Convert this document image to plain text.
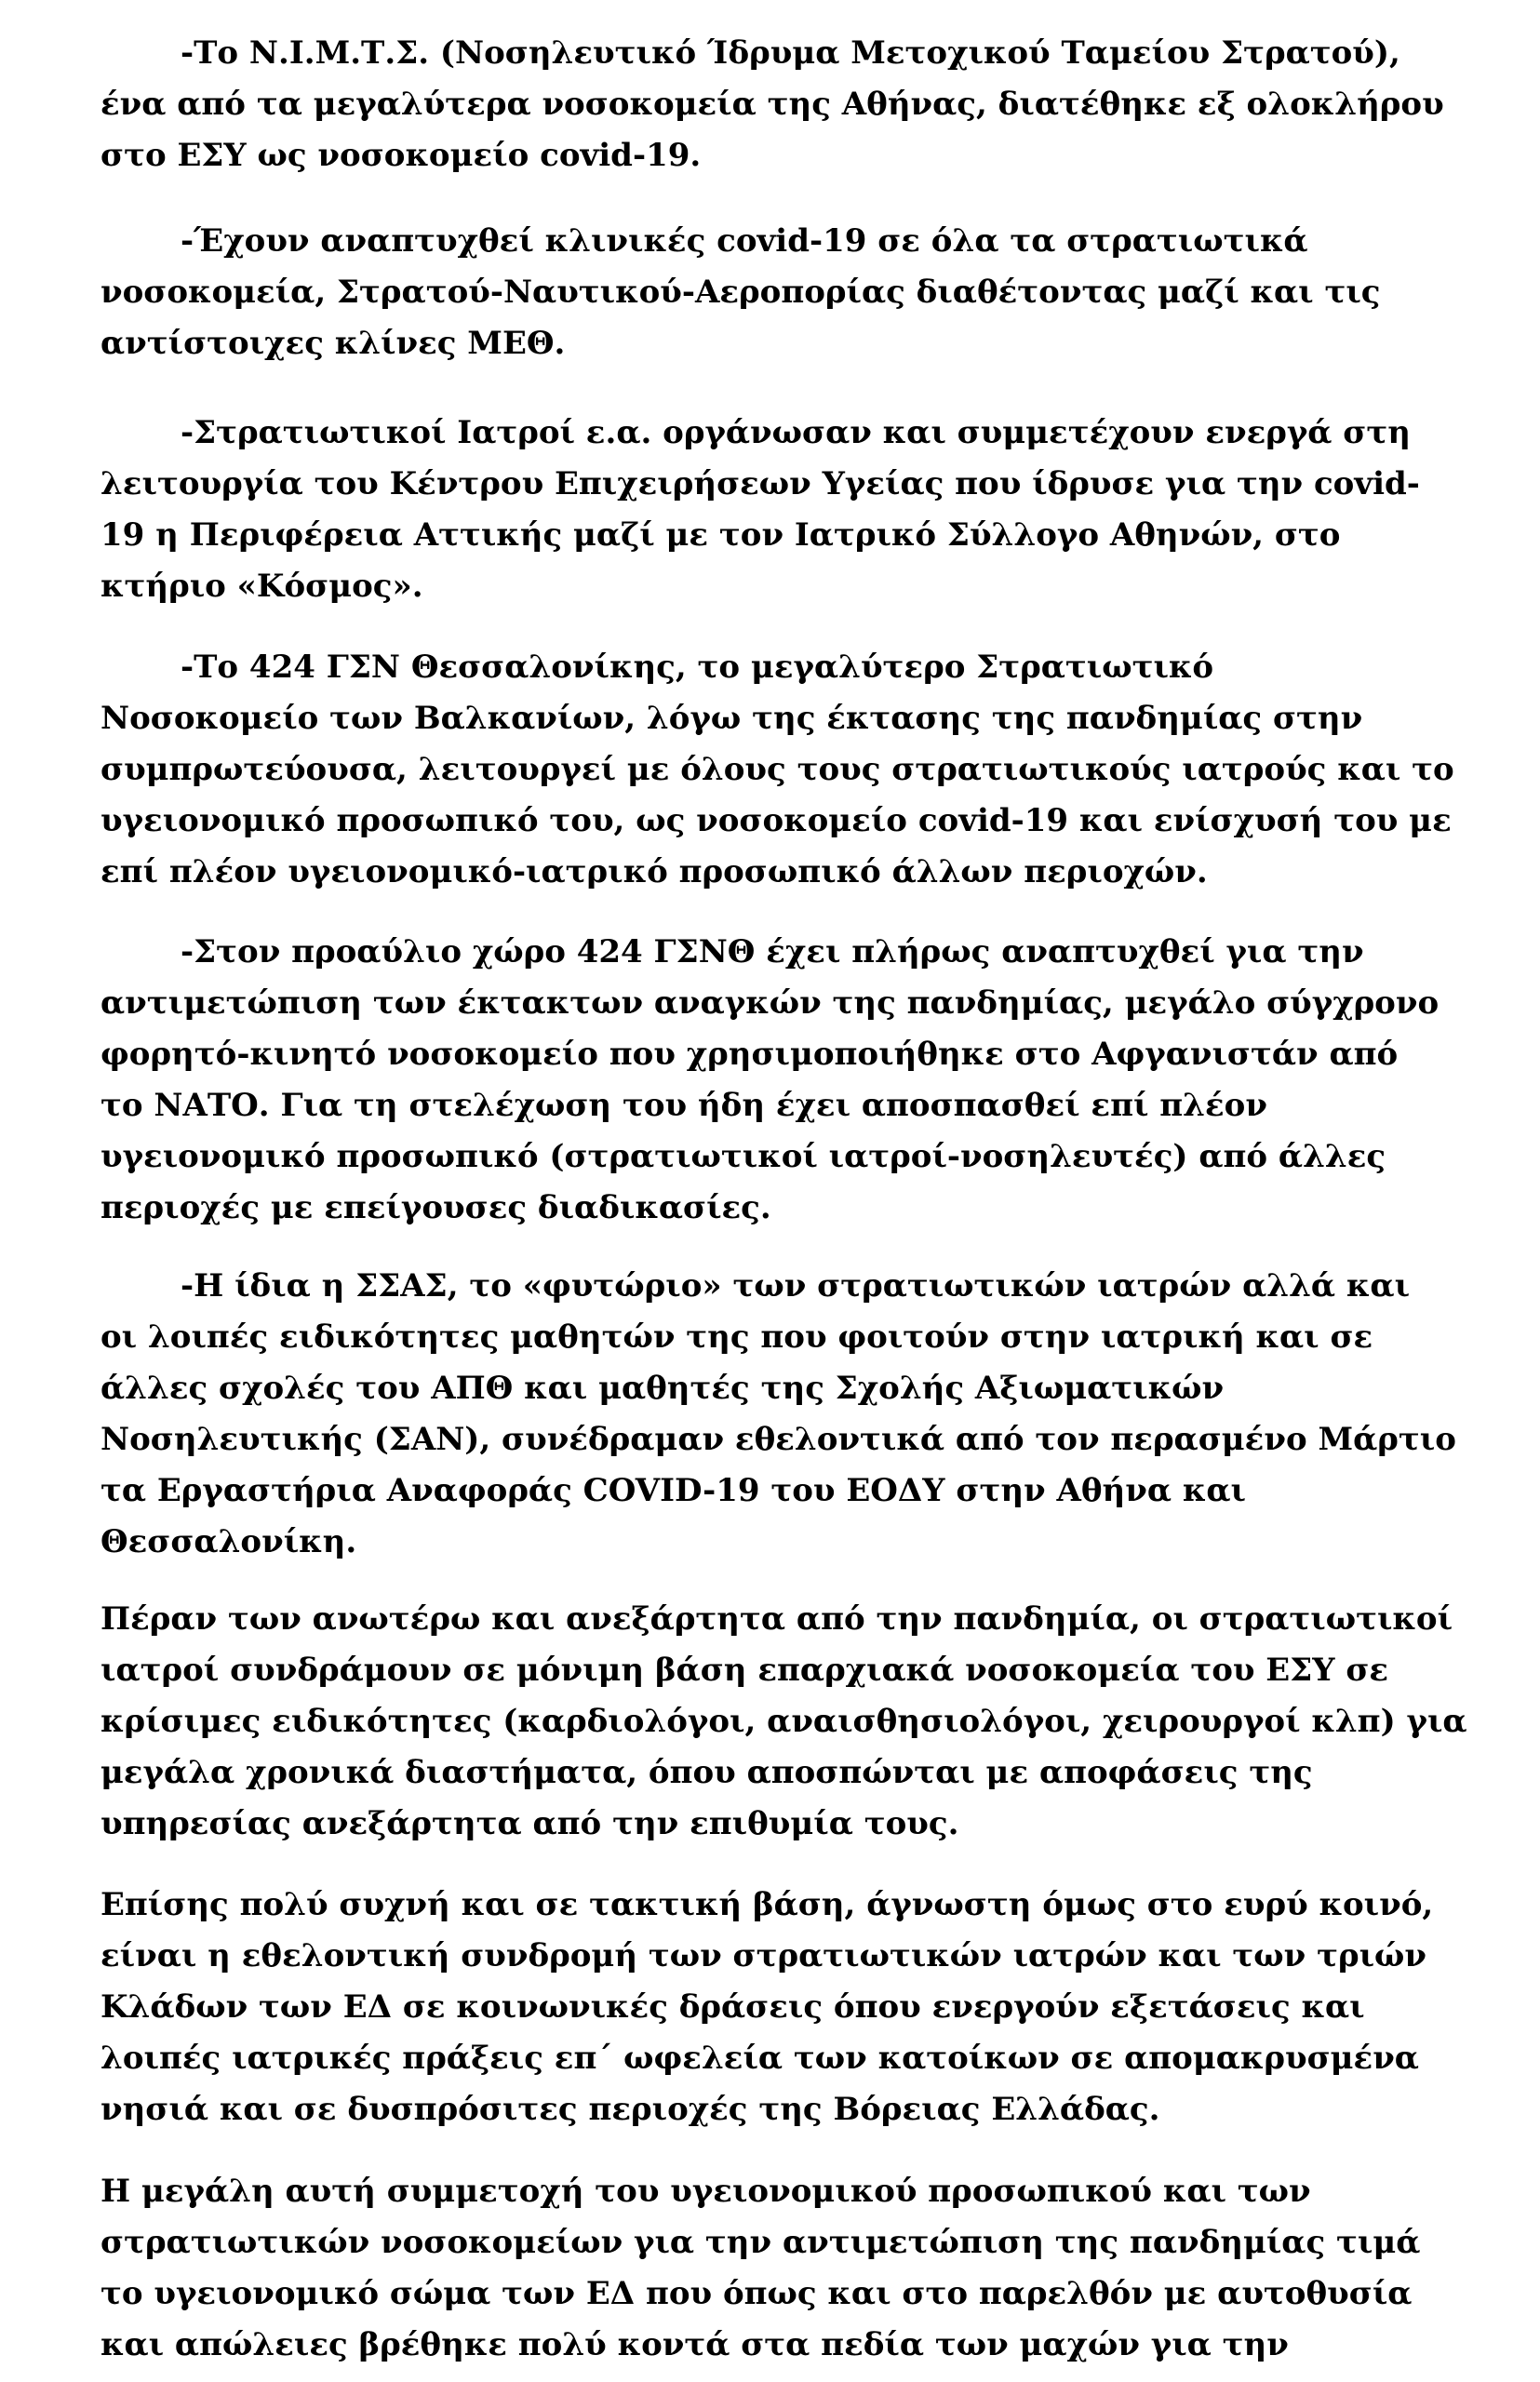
-Το Ν.Ι.Μ.Τ.Σ. (Νοσηλευτικό Ίδρυμα Μετοχικού Ταμείου Στρατού),
ένα από τα μεγαλύτερα νοσοκομεία της Αθήνας, διατέθηκε εξ ολοκλήρου
στο ΕΣΥ ως νοσοκομείο covid-19.
-Έχουν αναπτυχθεί κλινικές covid-19 σε όλα τα στρατιωτικά
νοσοκομεία, Στρατού-Ναυτικού-Αεροπορίας διαθέτοντας μαζί και τις
αντίστοιχες κλίνες ΜΕΘ.
-Στρατιωτικοί Ιατροί ε.α. οργάνωσαν και συμμετέχουν ενεργά στη
λειτουργία του Κέντρου Επιχειρήσεων Υγείας που ίδρυσε για την covid-
19 η Περιφέρεια Αττικής μαζί με τον Ιατρικό Σύλλογο Αθηνών, στο
κτήριο «Κόσμος».
-Το 424 ΓΣΝ Θεσσαλονίκης, το μεγαλύτερο Στρατιωτικό
Νοσοκομείο των Βαλκανίων, λόγω της έκτασης της πανδημίας στην
συμπρωτεύουσα, λειτουργεί με όλους τους στρατιωτικούς ιατρούς και το
υγειονομικό προσωπικό του, ως νοσοκομείο covid-19 και ενίσχυσή του με
επί πλέον υγειονομικό-ιατρικό προσωπικό άλλων περιοχών.
-Στον προαύλιο χώρο 424 ΓΣΝΘ έχει πλήρως αναπτυχθεί για την
αντιμετώπιση των έκτακτων αναγκών της πανδημίας, μεγάλο σύγχρονο
φορητό-κινητό νοσοκομείο που χρησιμοποιήθηκε στο Αφγανιστάν από
το ΝΑΤΟ. Για τη στελέχωση του ήδη έχει αποσπασθεί επί πλέον
υγειονομικό προσωπικό (στρατιωτικοί ιατροί-νοσηλευτές) από άλλες
περιοχές με επείγουσες διαδικασίες.
-Η ίδια η ΣΣΑΣ, το «φυτώριο» των στρατιωτικών ιατρών αλλά και
οι λοιπές ειδικότητες μαθητών της που φοιτούν στην ιατρική και σε
άλλες σχολές του ΑΠΘ και μαθητές της Σχολής Αξιωματικών
Νοσηλευτικής (ΣΑΝ), συνέδραμαν εθελοντικά από τον περασμένο Μάρτιο
τα Εργαστήρια Αναφοράς COVID-19 του ΕΟΔΥ στην Αθήνα και
Θεσσαλονίκη.
Πέραν των ανωτέρω και ανεξάρτητα από την πανδημία, οι στρατιωτικοί
ιατροί συνδράμουν σε μόνιμη βάση επαρχιακά νοσοκομεία του ΕΣΥ σε
κρίσιμες ειδικότητες (καρδιολόγοι, αναισθησιολόγοι, χειρουργοί κλπ) για
μεγάλα χρονικά διαστήματα, όπου αποσπώνται με αποφάσεις της
υπηρεσίας ανεξάρτητα από την επιθυμία τους.
Επίσης πολύ συχνή και σε τακτική βάση, άγνωστη όμως στο ευρύ κοινό,
είναι η εθελοντική συνδρομή των στρατιωτικών ιατρών και των τριών
Κλάδων των ΕΔ σε κοινωνικές δράσεις όπου ενεργούν εξετάσεις και
λοιπές ιατρικές πράξεις επ΄ ωφελεία των κατοίκων σε απομακρυσμένα
νησιά και σε δυσπρόσιτες περιοχές της Βόρειας Ελλάδας.
Η μεγάλη αυτή συμμετοχή του υγειονομικού προσωπικού και των
στρατιωτικών νοσοκομείων για την αντιμετώπιση της πανδημίας τιμά
το υγειονομικό σώμα των ΕΔ που όπως και στο παρελθόν με αυτοθυσία
και απώλειες βρέθηκε πολύ κοντά στα πεδία των μαχών για την
